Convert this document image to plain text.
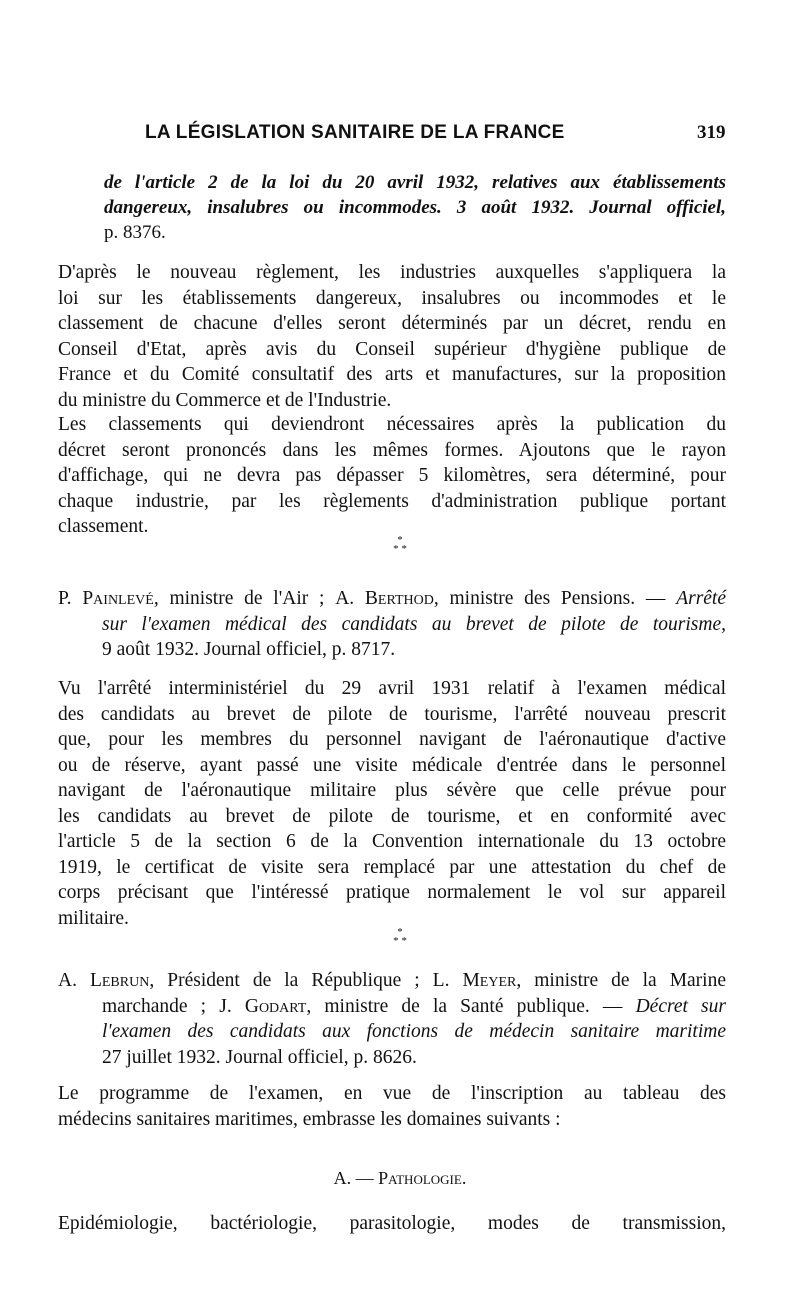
LA LÉGISLATION SANITAIRE DE LA FRANCE	319
de l'article 2 de la loi du 20 avril 1932, relatives aux établissements
dangereux, insalubres ou incommodes. 3 août 1932. Journal officiel,
p. 8376.
D'après le nouveau règlement, les industries auxquelles s'appliquera la
loi sur les établissements dangereux, insalubres ou incommodes et le
classement de chacune d'elles seront déterminés par un décret, rendu en
Conseil d'Etat, après avis du Conseil supérieur d'hygiène publique de
France et du Comité consultatif des arts et manufactures, sur la proposition
du ministre du Commerce et de l'Industrie.
Les classements qui deviendront nécessaires après la publication du
décret seront prononcés dans les mêmes formes. Ajoutons que le rayon
d'affichage, qui ne devra pas dépasser 5 kilomètres, sera déterminé, pour
chaque industrie, par les règlements d'administration publique portant
classement.
*
* *
P. Painlevé, ministre de l'Air ; A. Berthod, ministre des Pensions. — Arrêté
sur l'examen médical des candidats au brevet de pilote de tourisme,
9 août 1932. Journal officiel, p. 8717.
Vu l'arrêté interministériel du 29 avril 1931 relatif à l'examen médical
des candidats au brevet de pilote de tourisme, l'arrêté nouveau prescrit
que, pour les membres du personnel navigant de l'aéronautique d'active
ou de réserve, ayant passé une visite médicale d'entrée dans le personnel
navigant de l'aéronautique militaire plus sévère que celle prévue pour
les candidats au brevet de pilote de tourisme, et en conformité avec
l'article 5 de la section 6 de la Convention internationale du 13 octobre
1919, le certificat de visite sera remplacé par une attestation du chef de
corps précisant que l'intéressé pratique normalement le vol sur appareil
militaire.
*
* *
A. Lebrun, Président de la République ; L. Meyer, ministre de la Marine
marchande ; J. Godart, ministre de la Santé publique. — Décret sur
l'examen des candidats aux fonctions de médecin sanitaire maritime
27 juillet 1932. Journal officiel, p. 8626.
Le programme de l'examen, en vue de l'inscription au tableau des
médecins sanitaires maritimes, embrasse les domaines suivants :
A. — Pathologie.
Epidémiologie, bactériologie, parasitologie, modes de transmission,
